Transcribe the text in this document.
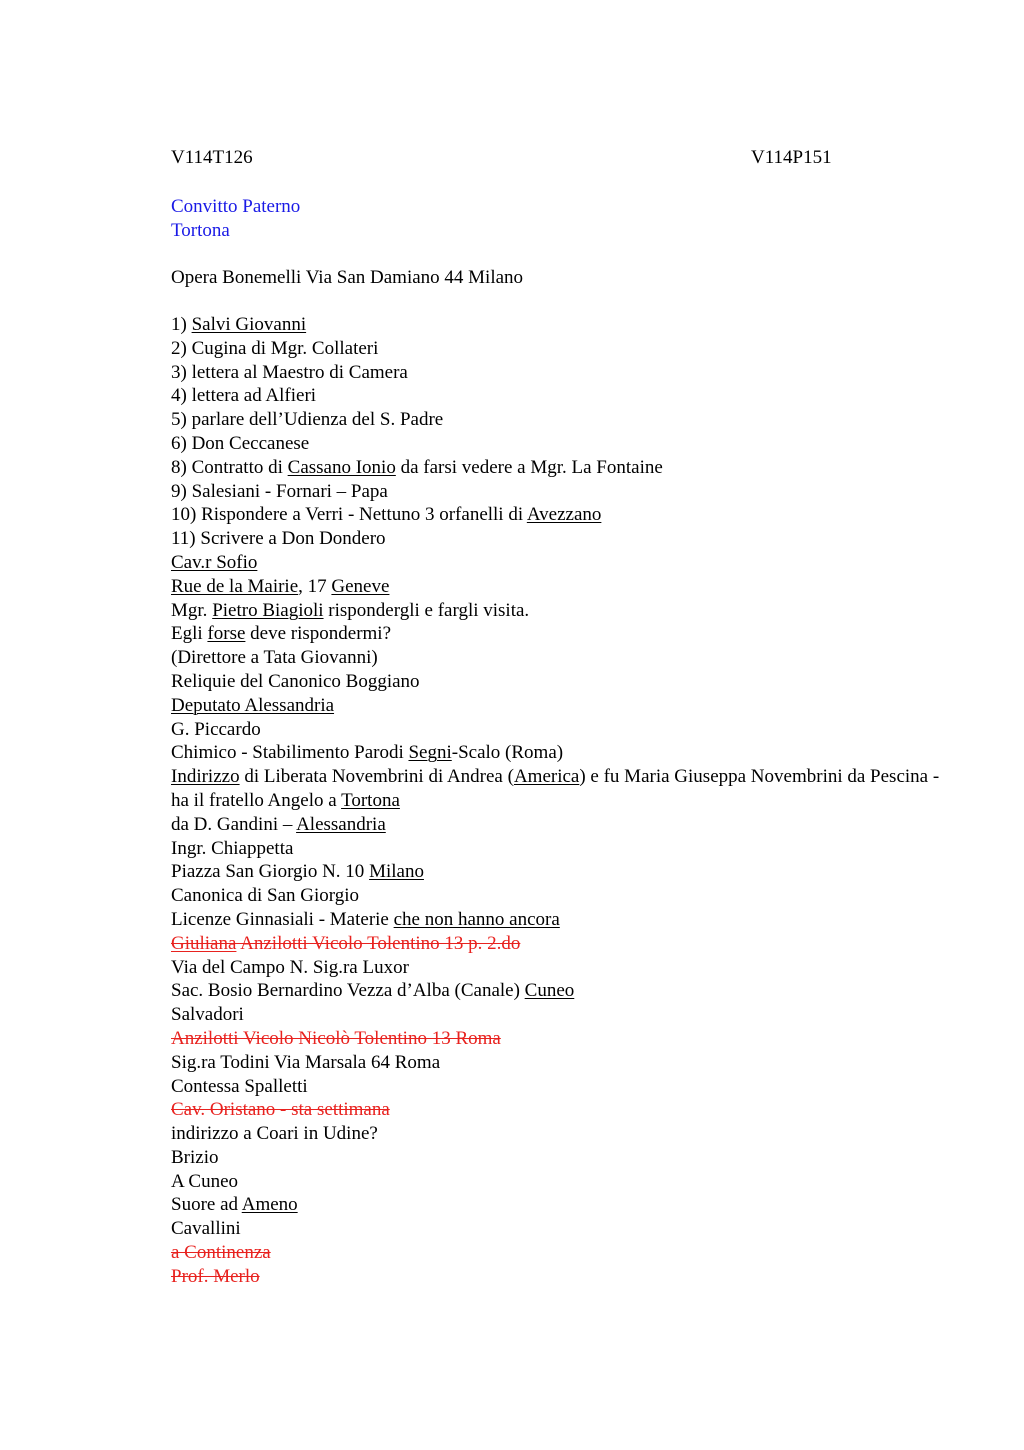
V114T126	V114P151
Convitto Paterno
Tortona
Opera Bonemelli Via San Damiano 44 Milano
1) Salvi Giovanni
2) Cugina di Mgr. Collateri
3) lettera al Maestro di Camera
4) lettera ad Alfieri
5) parlare dell’Udienza del S. Padre
6) Don Ceccanese
8) Contratto di Cassano Ionio da farsi vedere a Mgr. La Fontaine
9) Salesiani - Fornari – Papa
10) Rispondere a Verri - Nettuno 3 orfanelli di Avezzano
11) Scrivere a Don Dondero
Cav.r Sofio
Rue de la Mairie, 17 Geneve
Mgr. Pietro Biagioli rispondergli e fargli visita.
Egli forse deve rispondermi?
(Direttore a Tata Giovanni)
Reliquie del Canonico Boggiano
Deputato Alessandria
G. Piccardo
Chimico - Stabilimento Parodi Segni-Scalo (Roma)
Indirizzo di Liberata Novembrini di Andrea (America) e fu Maria Giuseppa Novembrini da Pescina - ha il fratello Angelo a Tortona
da D. Gandini – Alessandria
Ingr. Chiappetta
Piazza San Giorgio N. 10 Milano
Canonica di San Giorgio
Licenze Ginnasiali - Materie che non hanno ancora
Giuliana Anzilotti Vicolo Tolentino 13 p. 2.do
Via del Campo N. Sig.ra Luxor
Sac. Bosio Bernardino Vezza d’Alba (Canale) Cuneo
Salvadori
Anzilotti Vicolo Nicolò Tolentino 13 Roma
Sig.ra Todini Via Marsala 64 Roma
Contessa Spalletti
Cav. Oristano - sta settimana
indirizzo a Coari in Udine?
Brizio
A Cuneo
Suore ad Ameno
Cavallini
a Continenza
Prof. Merlo
